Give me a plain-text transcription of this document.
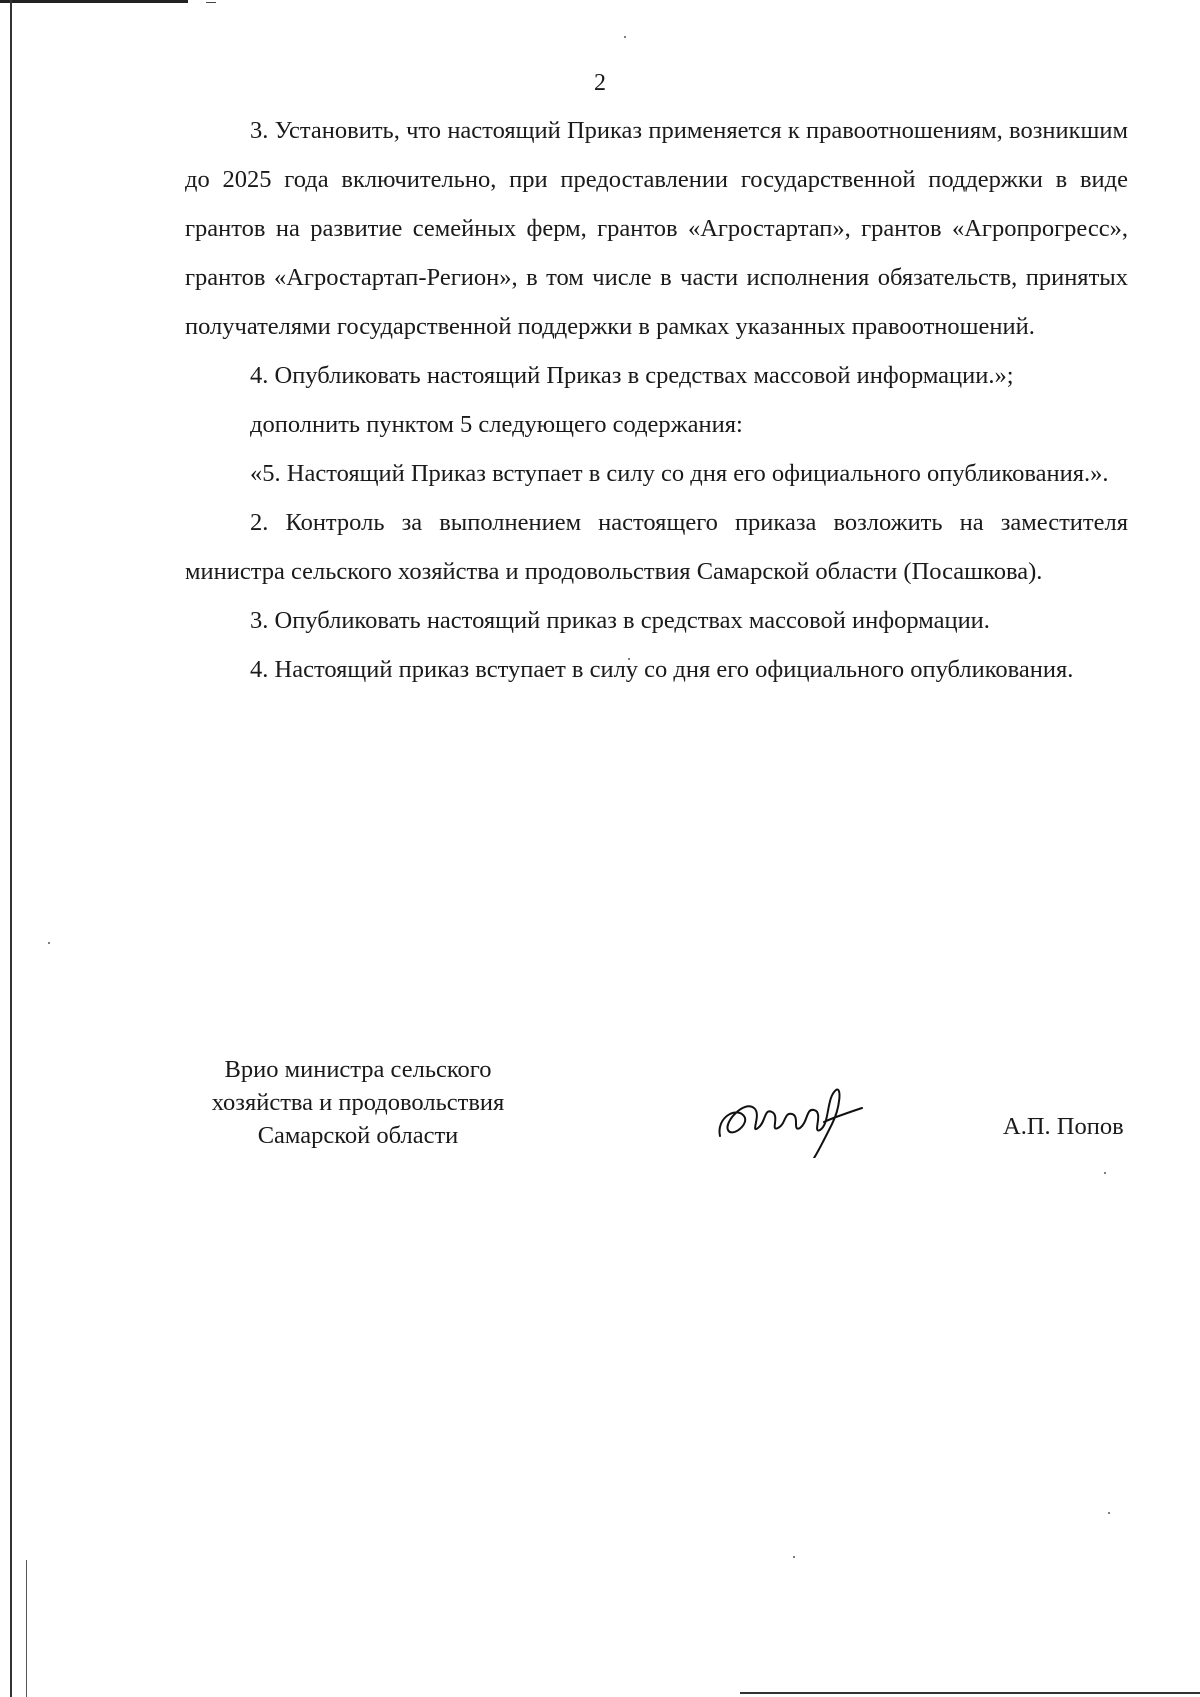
2

3. Установить, что настоящий Приказ применяется к правоотношениям, возникшим до 2025 года включительно, при предоставлении государственной поддержки в виде грантов на развитие семейных ферм, грантов «Агростартап», грантов «Агропрогресс», грантов «Агростартап-Регион», в том числе в части исполнения обязательств, принятых получателями государственной поддержки в рамках указанных правоотношений.

4. Опубликовать настоящий Приказ в средствах массовой информации.»;

дополнить пунктом 5 следующего содержания:

«5. Настоящий Приказ вступает в силу со дня его официального опубликования.».

2. Контроль за выполнением настоящего приказа возложить на заместителя министра сельского хозяйства и продовольствия Самарской области (Посашкова).

3. Опубликовать настоящий приказ в средствах массовой информации.

4. Настоящий приказ вступает в силу со дня его официального опубликования.

Врио министра сельского
хозяйства и продовольствия
Самарской области	А.П. Попов
